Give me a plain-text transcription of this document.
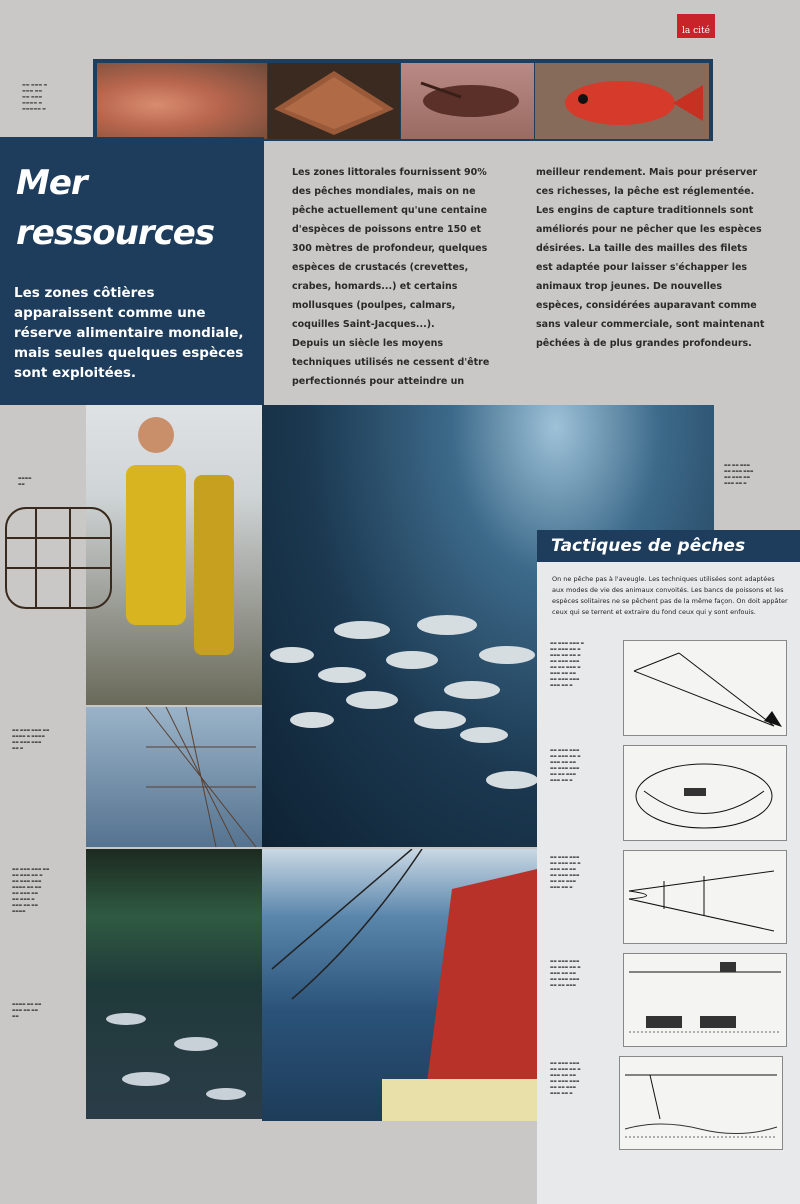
la cité
▬▬ ▬▬▬ ▬
▬▬▬ ▬▬
▬▬ ▬▬▬
▬▬▬▬ ▬
▬▬▬▬▬ ▬
Mer
ressources
Les zones côtières apparaissent comme une réserve alimentaire mondiale, mais seules quelques espèces sont exploitées.
Les zones littorales fournissent 90% des pêches mondiales, mais on ne pêche actuellement qu'une centaine d'espèces de poissons entre 150 et 300 mètres de profondeur, quelques espèces de crustacés (crevettes, crabes, homards...) et certains mollusques (poulpes, calmars, coquilles Saint-Jacques...).
Depuis un siècle les moyens techniques utilisés ne cessent d'être perfectionnés pour atteindre un
meilleur rendement. Mais pour préserver ces richesses, la pêche est réglementée.
Les engins de capture traditionnels sont améliorés pour ne pêcher que les espèces désirées. La taille des mailles des filets est adaptée pour laisser s'échapper les animaux trop jeunes. De nouvelles espèces, considérées auparavant comme sans valeur commerciale, sont maintenant pêchées à de plus grandes profondeurs.
▬▬▬▬
▬▬
▬▬ ▬▬▬ ▬▬▬ ▬▬
▬▬▬▬ ▬ ▬▬▬▬
▬▬ ▬▬▬ ▬▬▬
▬▬ ▬
▬▬ ▬▬▬ ▬▬▬ ▬▬
▬▬ ▬▬▬ ▬▬ ▬
▬▬ ▬▬▬ ▬▬▬
▬▬▬▬ ▬▬ ▬▬
▬▬ ▬▬▬ ▬▬
▬▬ ▬▬▬ ▬
▬▬▬ ▬▬ ▬▬
▬▬▬▬
▬▬▬▬ ▬▬ ▬▬
▬▬▬ ▬▬ ▬▬
▬▬
▬▬ ▬▬ ▬▬▬
▬▬ ▬▬▬ ▬▬▬
▬▬ ▬▬▬ ▬▬
▬▬▬ ▬▬ ▬
Tactiques de pêches
On ne pêche pas à l'aveugle. Les techniques utilisées sont adaptées aux modes de vie des animaux convoités. Les bancs de poissons et les espèces solitaires ne se pêchent pas de la même façon. On doit appâter ceux qui se terrent et extraire du fond ceux qui y sont enfouis.
▬▬ ▬▬▬ ▬▬▬ ▬
▬▬ ▬▬▬ ▬▬ ▬
▬▬▬ ▬▬ ▬▬ ▬
▬▬ ▬▬▬ ▬▬▬
▬▬ ▬▬ ▬▬▬ ▬
▬▬▬ ▬▬ ▬▬
▬▬ ▬▬▬ ▬▬▬
▬▬▬ ▬▬ ▬
▬▬ ▬▬▬ ▬▬▬
▬▬ ▬▬▬ ▬▬ ▬
▬▬▬ ▬▬ ▬▬
▬▬ ▬▬▬ ▬▬▬
▬▬ ▬▬ ▬▬▬
▬▬▬ ▬▬ ▬
▬▬ ▬▬▬ ▬▬▬
▬▬ ▬▬▬ ▬▬ ▬
▬▬▬ ▬▬ ▬▬
▬▬ ▬▬▬ ▬▬▬
▬▬ ▬▬ ▬▬▬
▬▬▬ ▬▬ ▬
▬▬ ▬▬▬ ▬▬▬
▬▬ ▬▬▬ ▬▬ ▬
▬▬▬ ▬▬ ▬▬
▬▬ ▬▬▬ ▬▬▬
▬▬ ▬▬ ▬▬▬
▬▬ ▬▬▬ ▬▬▬
▬▬ ▬▬▬ ▬▬ ▬
▬▬▬ ▬▬ ▬▬
▬▬ ▬▬▬ ▬▬▬
▬▬ ▬▬ ▬▬▬
▬▬▬ ▬▬ ▬
